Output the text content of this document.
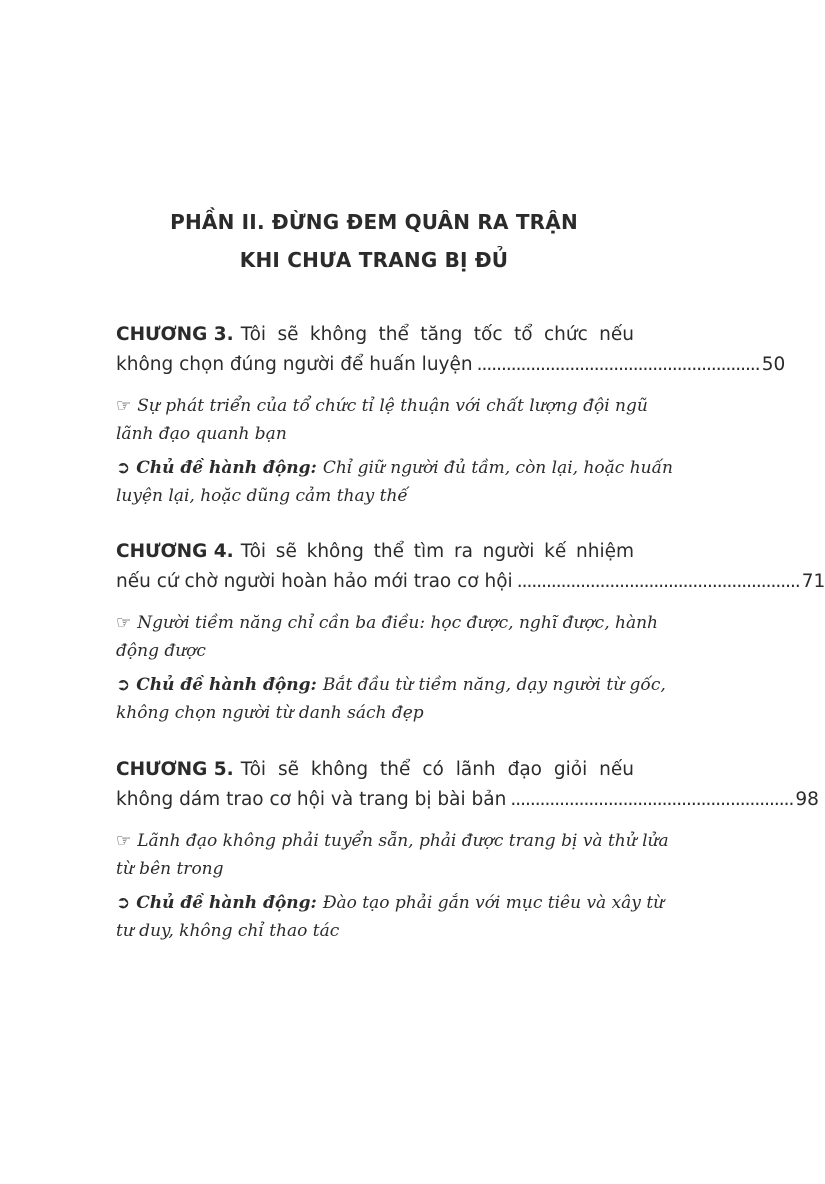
PHẦN II. ĐỪNG ĐEM QUÂN RA TRẬN
KHI CHƯA TRANG BỊ ĐỦ
CHƯƠNG 3. Tôi sẽ không thể tăng tốc tổ chức nếu
không chọn đúng người để huấn luyện .......................................................... 50
☞ Sự phát triển của tổ chức tỉ lệ thuận với chất lượng đội ngũ
lãnh đạo quanh bạn
➲ Chủ đề hành động: Chỉ giữ người đủ tầm, còn lại, hoặc huấn
luyện lại, hoặc dũng cảm thay thế
CHƯƠNG 4. Tôi sẽ không thể tìm ra người kế nhiệm
nếu cứ chờ người hoàn hảo mới trao cơ hội .......................................................... 71
☞ Người tiềm năng chỉ cần ba điều: học được, nghĩ được, hành
động được
➲ Chủ đề hành động: Bắt đầu từ tiềm năng, dạy người từ gốc,
không chọn người từ danh sách đẹp
CHƯƠNG 5. Tôi sẽ không thể có lãnh đạo giỏi nếu
không dám trao cơ hội và trang bị bài bản .......................................................... 98
☞ Lãnh đạo không phải tuyển sẵn, phải được trang bị và thử lửa
từ bên trong
➲ Chủ đề hành động: Đào tạo phải gắn với mục tiêu và xây từ
tư duy, không chỉ thao tác
